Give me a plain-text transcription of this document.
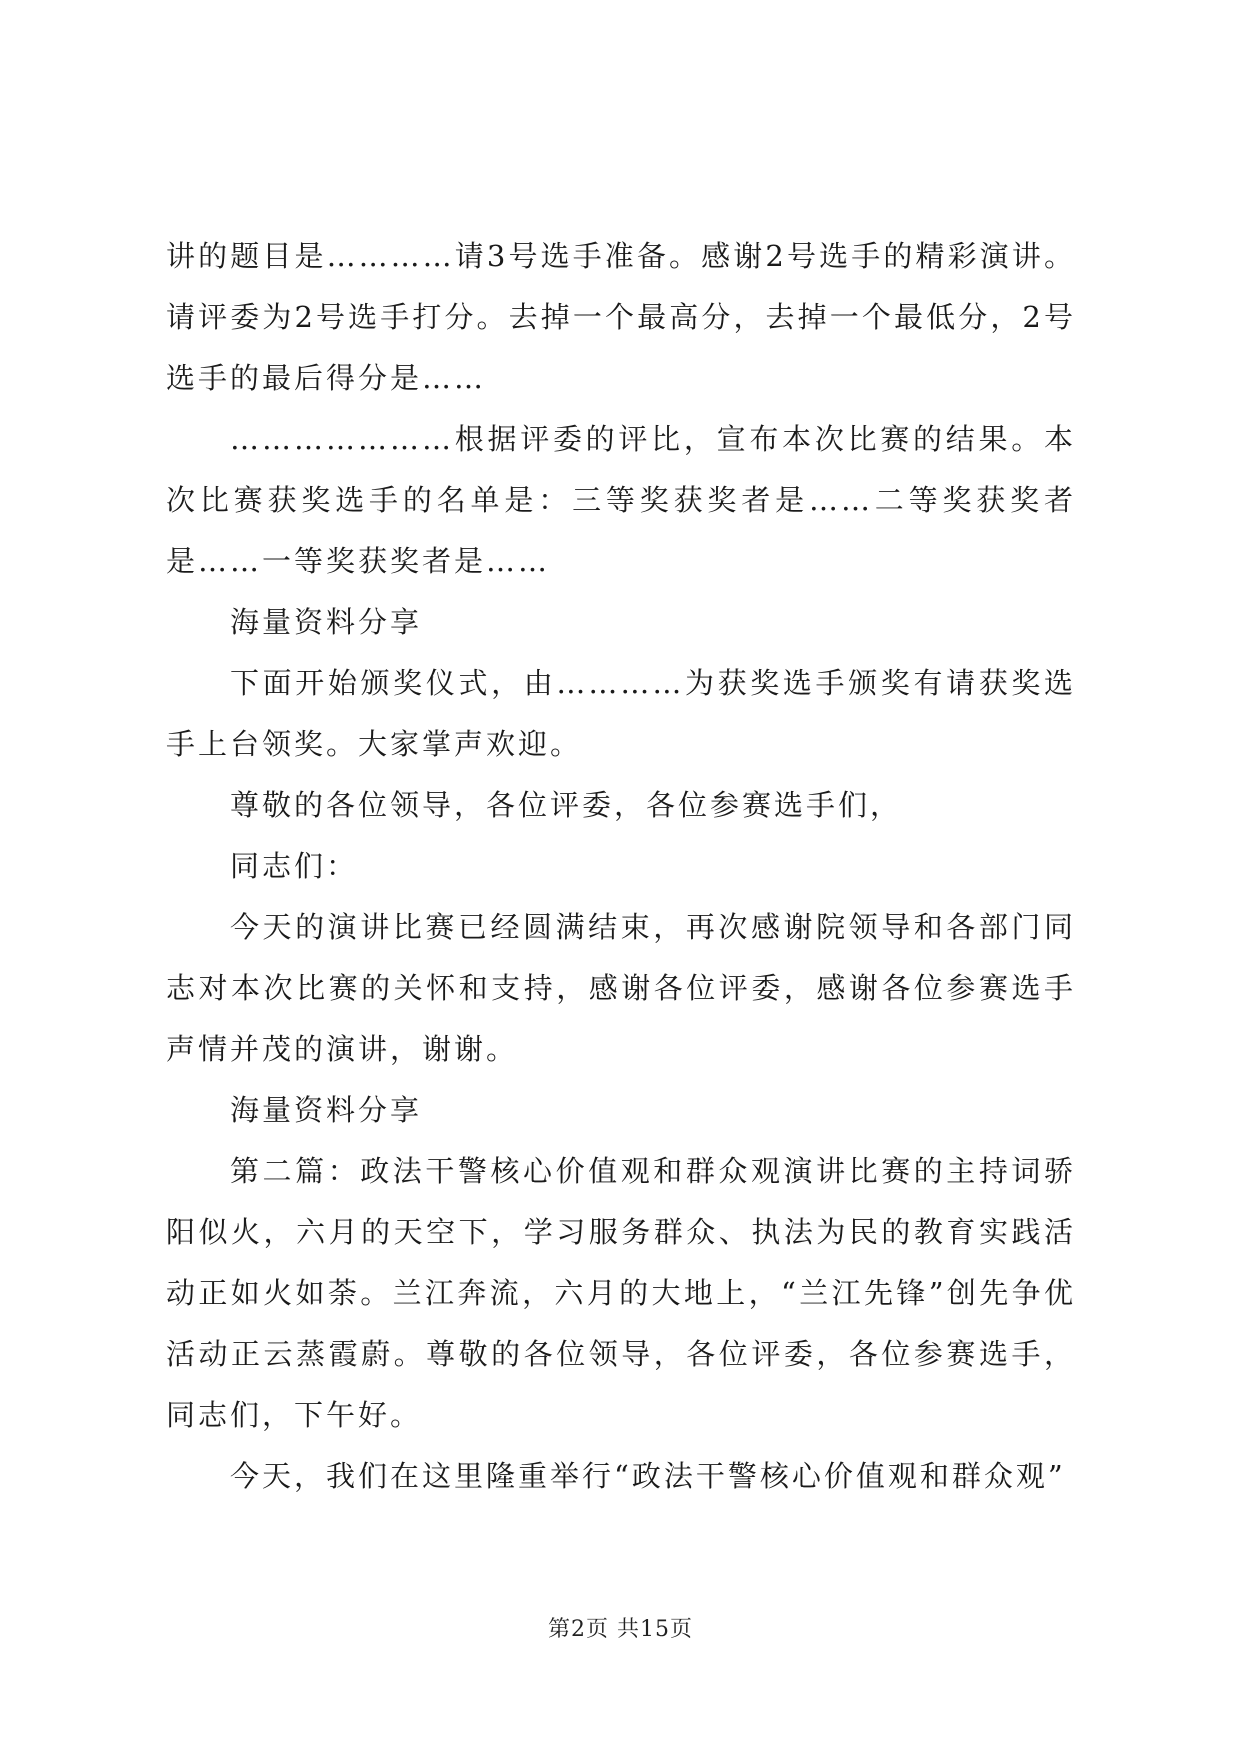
讲的题目是…………请3号选手准备。感谢2号选手的精彩演讲。请评委为2号选手打分。去掉一个最高分，去掉一个最低分，2号选手的最后得分是……

…………………根据评委的评比，宣布本次比赛的结果。本次比赛获奖选手的名单是：三等奖获奖者是……二等奖获奖者是……一等奖获奖者是……

海量资料分享

下面开始颁奖仪式，由…………为获奖选手颁奖有请获奖选手上台领奖。大家掌声欢迎。

尊敬的各位领导，各位评委，各位参赛选手们，

同志们：

今天的演讲比赛已经圆满结束，再次感谢院领导和各部门同志对本次比赛的关怀和支持，感谢各位评委，感谢各位参赛选手声情并茂的演讲，谢谢。

海量资料分享

第二篇：政法干警核心价值观和群众观演讲比赛的主持词骄阳似火，六月的天空下，学习服务群众、执法为民的教育实践活动正如火如荼。兰江奔流，六月的大地上，“兰江先锋”创先争优活动正云蒸霞蔚。尊敬的各位领导，各位评委，各位参赛选手，同志们，下午好。

今天，我们在这里隆重举行“政法干警核心价值观和群众观”

第2页 共15页
